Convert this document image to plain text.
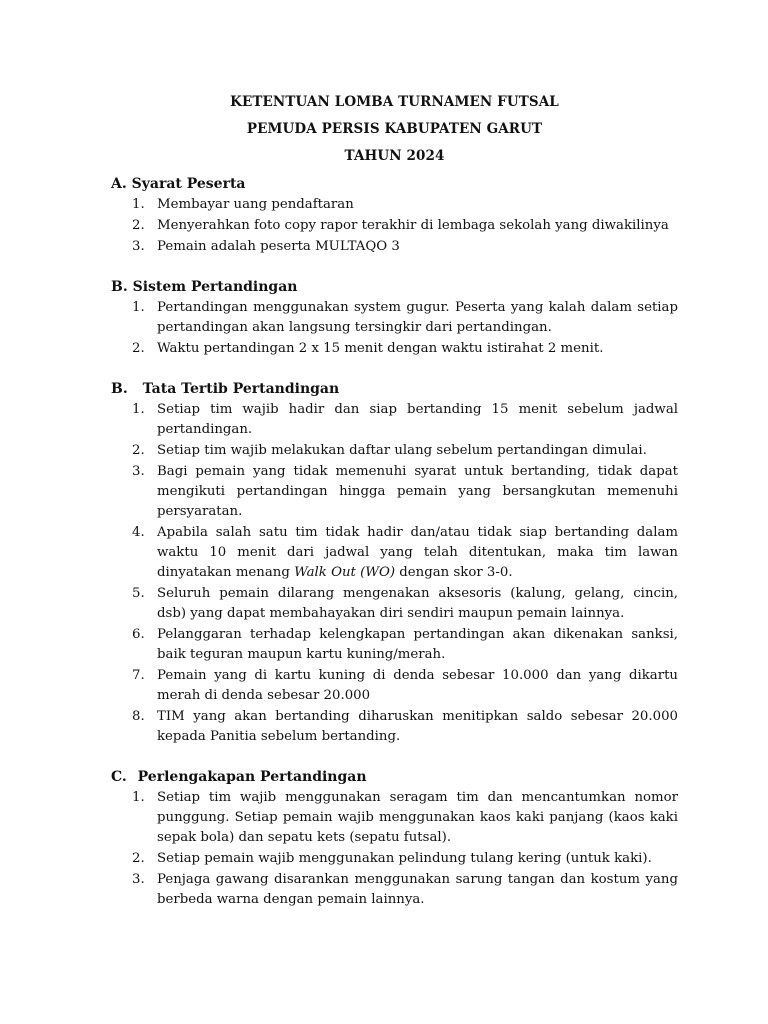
KETENTUAN LOMBA TURNAMEN FUTSAL
PEMUDA PERSIS KABUPATEN GARUT
TAHUN 2024
A. Syarat Peserta
1. Membayar uang pendaftaran
2. Menyerahkan foto copy rapor terakhir di lembaga sekolah yang diwakilinya
3. Pemain adalah peserta MULTAQO 3
B. Sistem Pertandingan
1. Pertandingan menggunakan system gugur. Peserta yang kalah dalam setiap pertandingan akan langsung tersingkir dari pertandingan.
2. Waktu pertandingan 2 x 15 menit dengan waktu istirahat 2 menit.
B. Tata Tertib Pertandingan
1. Setiap tim wajib hadir dan siap bertanding 15 menit sebelum jadwal pertandingan.
2. Setiap tim wajib melakukan daftar ulang sebelum pertandingan dimulai.
3. Bagi pemain yang tidak memenuhi syarat untuk bertanding, tidak dapat mengikuti pertandingan hingga pemain yang bersangkutan memenuhi persyaratan.
4. Apabila salah satu tim tidak hadir dan/atau tidak siap bertanding dalam waktu 10 menit dari jadwal yang telah ditentukan, maka tim lawan dinyatakan menang Walk Out (WO) dengan skor 3-0.
5. Seluruh pemain dilarang mengenakan aksesoris (kalung, gelang, cincin, dsb) yang dapat membahayakan diri sendiri maupun pemain lainnya.
6. Pelanggaran terhadap kelengkapan pertandingan akan dikenakan sanksi, baik teguran maupun kartu kuning/merah.
7. Pemain yang di kartu kuning di denda sebesar 10.000 dan yang dikartu merah di denda sebesar 20.000
8. TIM yang akan bertanding diharuskan menitipkan saldo sebesar 20.000 kepada Panitia sebelum bertanding.
C. Perlengakapan Pertandingan
1. Setiap tim wajib menggunakan seragam tim dan mencantumkan nomor punggung. Setiap pemain wajib menggunakan kaos kaki panjang (kaos kaki sepak bola) dan sepatu kets (sepatu futsal).
2. Setiap pemain wajib menggunakan pelindung tulang kering (untuk kaki).
3. Penjaga gawang disarankan menggunakan sarung tangan dan kostum yang berbeda warna dengan pemain lainnya.
